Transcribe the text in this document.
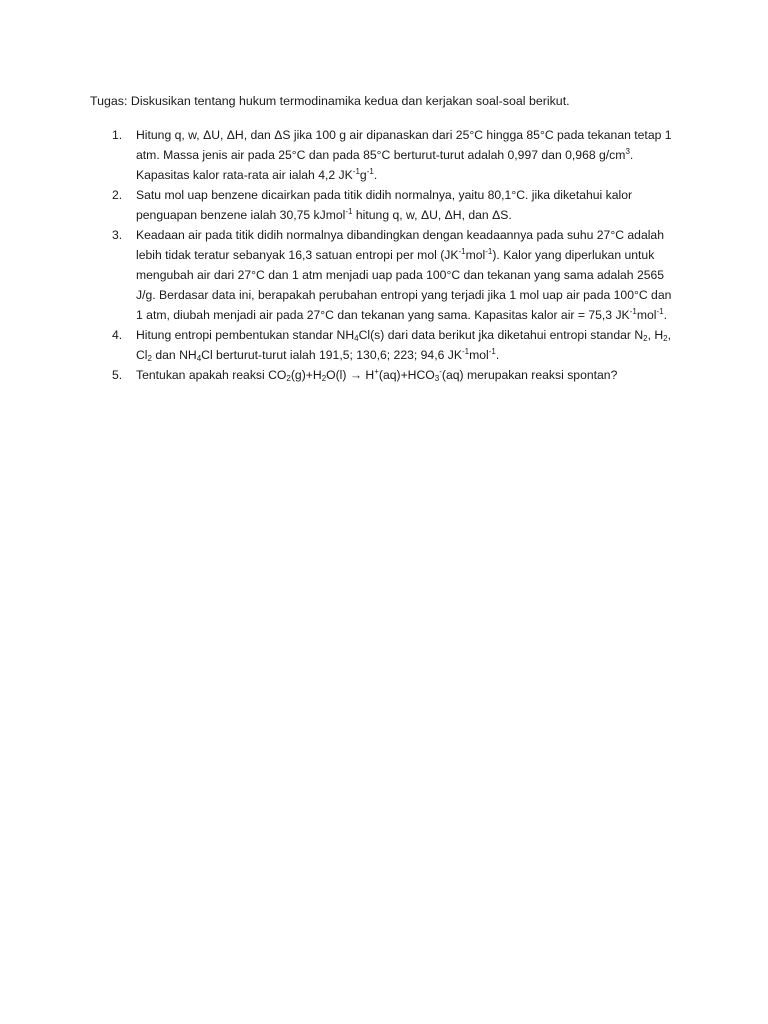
Tugas: Diskusikan tentang hukum termodinamika kedua dan kerjakan soal-soal berikut.
1. Hitung q, w, ΔU, ΔH, dan ΔS jika 100 g air dipanaskan dari 25°C hingga 85°C pada tekanan tetap 1 atm. Massa jenis air pada 25°C dan pada 85°C berturut-turut adalah 0,997 dan 0,968 $g/cm^3$. Kapasitas kalor rata-rata air ialah 4,2 $JK^{-1}g^{-1}$.
2. Satu mol uap benzene dicairkan pada titik didih normalnya, yaitu 80,1°C. jika diketahui kalor penguapan benzene ialah 30,75 kJmol$^{-1}$ hitung q, w, ΔU, ΔH, dan ΔS.
3. Keadaan air pada titik didih normalnya dibandingkan dengan keadaannya pada suhu 27°C adalah lebih tidak teratur sebanyak 16,3 satuan entropi per mol $(JK^{-1}mol^{-1})$. Kalor yang diperlukan untuk mengubah air dari 27°C dan 1 atm menjadi uap pada 100°C dan tekanan yang sama adalah 2565 J/g. Berdasar data ini, berapakah perubahan entropi yang terjadi jika 1 mol uap air pada 100°C dan 1 atm, diubah menjadi air pada 27°C dan tekanan yang sama. Kapasitas kalor air = 75,3 $JK^{-1}mol^{-1}$.
4. Hitung entropi pembentukan standar $NH_4Cl(s)$ dari data berikut jka diketahui entropi standar $N_2$, $H_2$, $Cl_2$ dan $NH_4Cl$ berturut-turut ialah 191,5; 130,6; 223; 94,6 $JK^{-1}mol^{-1}$.
5. Tentukan apakah reaksi $CO_2(g)+H_2O(l) \to H^+(aq)+HCO_3^-(aq)$ merupakan reaksi spontan?
